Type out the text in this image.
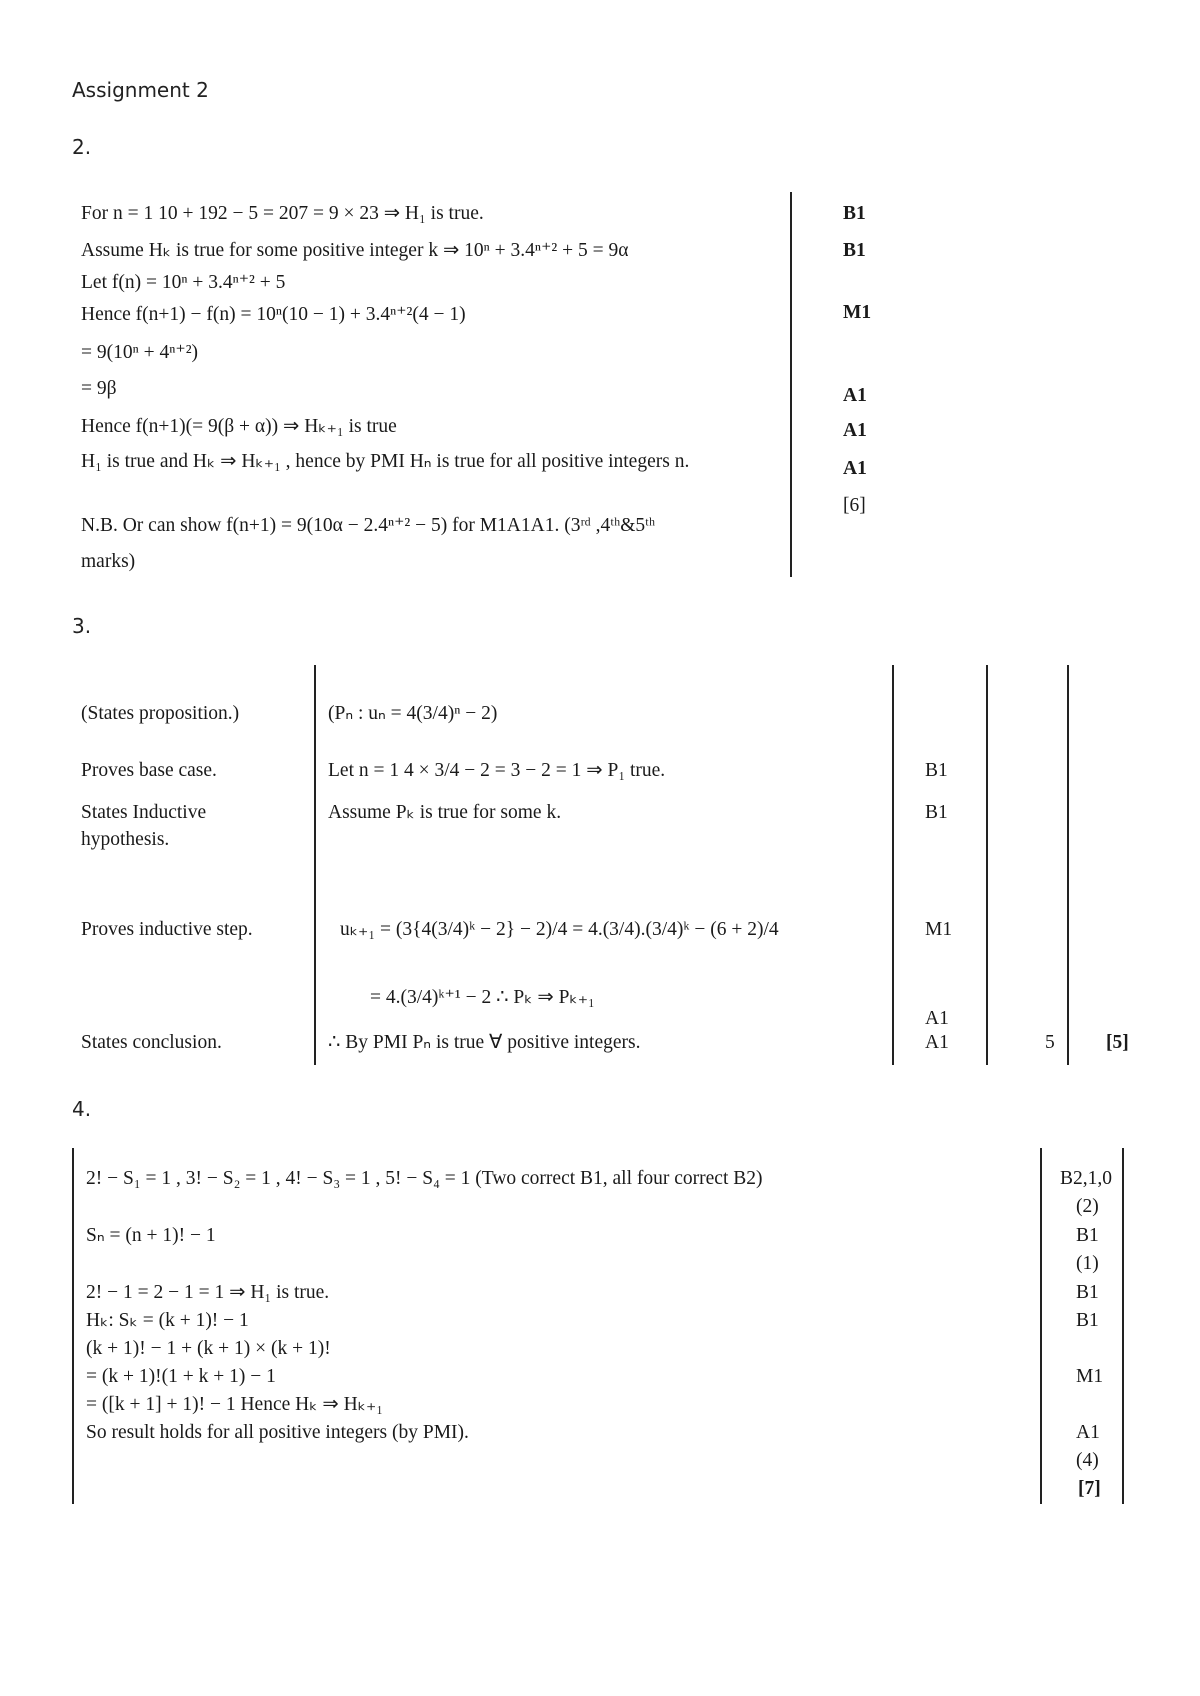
Assignment 2
2.
For n = 1 10 + 192 − 5 = 207 = 9 × 23 ⇒ H₁ is true.
Assume Hₖ is true for some positive integer k ⇒ 10ⁿ + 3.4ⁿ⁺² + 5 = 9α
Let f(n) = 10ⁿ + 3.4ⁿ⁺² + 5
Hence f(n+1) − f(n) = 10ⁿ(10 − 1) + 3.4ⁿ⁺²(4 − 1)
= 9(10ⁿ + 4ⁿ⁺²)
= 9β
Hence f(n+1)(= 9(β + α)) ⇒ Hₖ₊₁ is true
H₁ is true and Hₖ ⇒ Hₖ₊₁ , hence by PMI Hₙ is true for all positive integers n.
N.B. Or can show f(n+1) = 9(10α − 2.4ⁿ⁺² − 5) for M1A1A1. (3ʳᵈ ,4ᵗʰ&5ᵗʰ
marks)
B1
B1
M1
A1
A1
A1
[6]
3.
(States proposition.)
Proves base case.
States Inductive
hypothesis.
Proves inductive step.
States conclusion.
(Pₙ : uₙ = 4(3/4)ⁿ − 2)
Let n = 1 4 × 3/4 − 2 = 3 − 2 = 1 ⇒ P₁ true.
Assume Pₖ is true for some k.
uₖ₊₁ = (3{4(3/4)ᵏ − 2} − 2)/4 = 4.(3/4).(3/4)ᵏ − (6 + 2)/4
= 4.(3/4)ᵏ⁺¹ − 2 ∴ Pₖ ⇒ Pₖ₊₁
∴ By PMI Pₙ is true ∀ positive integers.
B1
B1
M1
A1
A1	5	[5]
4.
2! − S₁ = 1 , 3! − S₂ = 1 , 4! − S₃ = 1 , 5! − S₄ = 1 (Two correct B1, all four correct B2)
Sₙ = (n + 1)! − 1
2! − 1 = 2 − 1 = 1 ⇒ H₁ is true.
Hₖ: Sₖ = (k + 1)! − 1
(k + 1)! − 1 + (k + 1) × (k + 1)!
= (k + 1)!(1 + k + 1) − 1
= ([k + 1] + 1)! − 1 Hence Hₖ ⇒ Hₖ₊₁
So result holds for all positive integers (by PMI).
B2,1,0
(2)
B1
(1)
B1
B1
M1
A1
(4)
[7]
